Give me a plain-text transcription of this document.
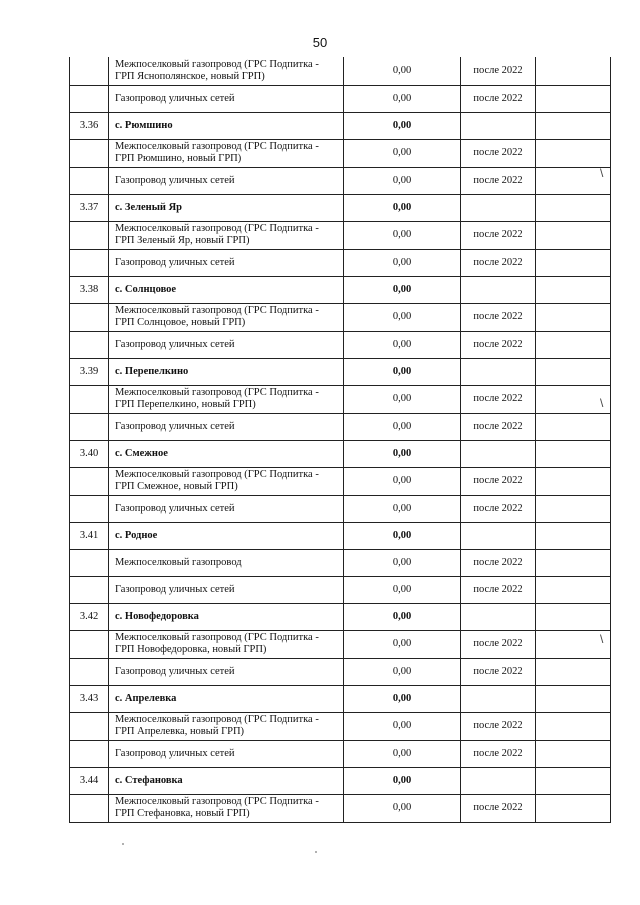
50
	Межпоселковый газопровод (ГРС Подпитка - ГРП Яснополянское, новый ГРП)	0,00	после 2022	
	Газопровод уличных сетей	0,00	после 2022	
3.36	с. Рюмшино	0,00		
	Межпоселковый газопровод (ГРС Подпитка - ГРП Рюмшино, новый ГРП)	0,00	после 2022	
	Газопровод уличных сетей	0,00	после 2022	
3.37	с. Зеленый Яр	0,00		
	Межпоселковый газопровод (ГРС Подпитка - ГРП Зеленый Яр, новый ГРП)	0,00	после 2022	
	Газопровод уличных сетей	0,00	после 2022	
3.38	с. Солнцовое	0,00		
	Межпоселковый газопровод (ГРС Подпитка - ГРП Солнцовое, новый ГРП)	0,00	после 2022	
	Газопровод уличных сетей	0,00	после 2022	
3.39	с. Перепелкино	0,00		
	Межпоселковый газопровод (ГРС Подпитка - ГРП Перепелкино, новый ГРП)	0,00	после 2022	
	Газопровод уличных сетей	0,00	после 2022	
3.40	с. Смежное	0,00		
	Межпоселковый газопровод (ГРС Подпитка - ГРП Смежное, новый ГРП)	0,00	после 2022	
	Газопровод уличных сетей	0,00	после 2022	
3.41	с. Родное	0,00		
	Межпоселковый газопровод	0,00	после 2022	
	Газопровод уличных сетей	0,00	после 2022	
3.42	с. Новофедоровка	0,00		
	Межпоселковый газопровод (ГРС Подпитка - ГРП Новофедоровка, новый ГРП)	0,00	после 2022	
	Газопровод уличных сетей	0,00	после 2022	
3.43	с. Апрелевка	0,00		
	Межпоселковый газопровод (ГРС Подпитка - ГРП Апрелевка, новый ГРП)	0,00	после 2022	
	Газопровод уличных сетей	0,00	после 2022	
3.44	с. Стефановка	0,00		
	Межпоселковый газопровод (ГРС Подпитка - ГРП Стефановка, новый ГРП)	0,00	после 2022	
\
\
\
